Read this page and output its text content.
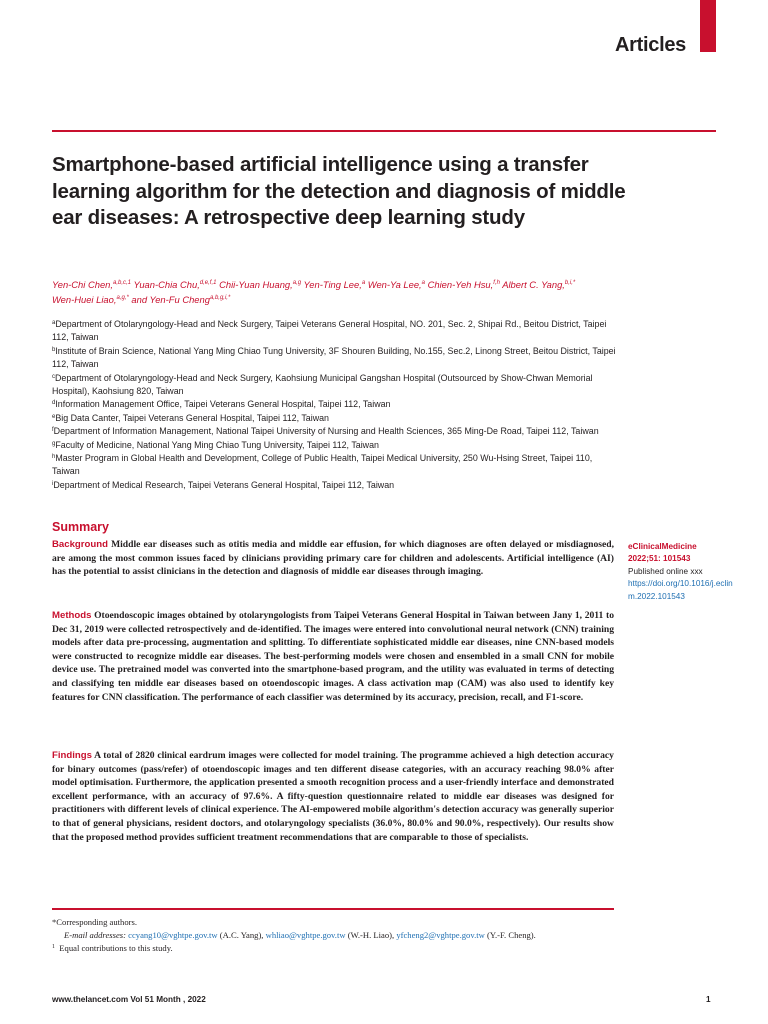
Articles
Smartphone-based artificial intelligence using a transfer learning algorithm for the detection and diagnosis of middle ear diseases: A retrospective deep learning study
Yen-Chi Chen,$^{a,b,c,1}$ Yuan-Chia Chu,$^{d,e,f,1}$ Chii-Yuan Huang,$^{a,g}$ Yen-Ting Lee,$^a$ Wen-Ya Lee,$^a$ Chien-Yeh Hsu,$^{f,h}$ Albert C. Yang,$^{b,i,*}$
Wen-Huei Liao,$^{a,g,*}$ and Yen-Fu Cheng$^{a,b,g,i,*}$
$^a$Department of Otolaryngology-Head and Neck Surgery, Taipei Veterans General Hospital, NO. 201, Sec. 2, Shipai Rd., Beitou District, Taipei 112, Taiwan
$^b$Institute of Brain Science, National Yang Ming Chiao Tung University, 3F Shouren Building, No.155, Sec.2, Linong Street, Beitou District, Taipei 112, Taiwan
$^c$Department of Otolaryngology-Head and Neck Surgery, Kaohsiung Municipal Gangshan Hospital (Outsourced by Show-Chwan Memorial Hospital), Kaohsiung 820, Taiwan
$^d$Information Management Office, Taipei Veterans General Hospital, Taipei 112, Taiwan
$^e$Big Data Canter, Taipei Veterans General Hospital, Taipei 112, Taiwan
$^f$Department of Information Management, National Taipei University of Nursing and Health Sciences, 365 Ming-De Road, Taipei 112, Taiwan
$^g$Faculty of Medicine, National Yang Ming Chiao Tung University, Taipei 112, Taiwan
$^h$Master Program in Global Health and Development, College of Public Health, Taipei Medical University, 250 Wu-Hsing Street, Taipei 110, Taiwan
$^i$Department of Medical Research, Taipei Veterans General Hospital, Taipei 112, Taiwan
Summary

Background Middle ear diseases such as otitis media and middle ear effusion, for which diagnoses are often delayed or misdiagnosed, are among the most common issues faced by clinicians providing primary care for children and adolescents. Artificial intelligence (AI) has the potential to assist clinicians in the detection and diagnosis of middle ear diseases through imaging.

Methods Otoendoscopic images obtained by otolaryngologists from Taipei Veterans General Hospital in Taiwan between Jany 1, 2011 to Dec 31, 2019 were collected retrospectively and de-identified. The images were entered into convolutional neural network (CNN) training models after data pre-processing, augmentation and splitting. To differentiate sophisticated middle ear diseases, nine CNN-based models were constructed to recognize middle ear diseases. The best-performing models were chosen and ensembled in a small CNN for mobile device use. The pretrained model was converted into the smartphone-based program, and the utility was evaluated in terms of detecting and classifying ten middle ear diseases based on otoendoscopic images. A class activation map (CAM) was also used to identify key features for CNN classification. The performance of each classifier was determined by its accuracy, precision, recall, and F1-score.

Findings A total of 2820 clinical eardrum images were collected for model training. The programme achieved a high detection accuracy for binary outcomes (pass/refer) of otoendoscopic images and ten different disease categories, with an accuracy reaching 98.0% after model optimisation. Furthermore, the application presented a smooth recognition process and a user-friendly interface and demonstrated excellent performance, with an accuracy of 97.6%. A fifty-question questionnaire related to middle ear diseases was designed for practitioners with different levels of clinical experience. The AI-empowered mobile algorithm's detection accuracy was generally superior to that of general physicians, resident doctors, and otolaryngology specialists (36.0%, 80.0% and 90.0%, respectively). Our results show that the proposed method provides sufficient treatment recommendations that are comparable to those of specialists.

eClinicalMedicine
2022;51: 101543
Published online xxx
https://doi.org/10.1016/j.eclinm.2022.101543
*Corresponding authors.
E-mail addresses: ccyang10@vghtpe.gov.tw (A.C. Yang), whliao@vghtpe.gov.tw (W.-H. Liao), yfcheng2@vghtpe.gov.tw (Y.-F. Cheng).
$^1$ Equal contributions to this study.
www.thelancet.com Vol 51 Month , 2022	1
